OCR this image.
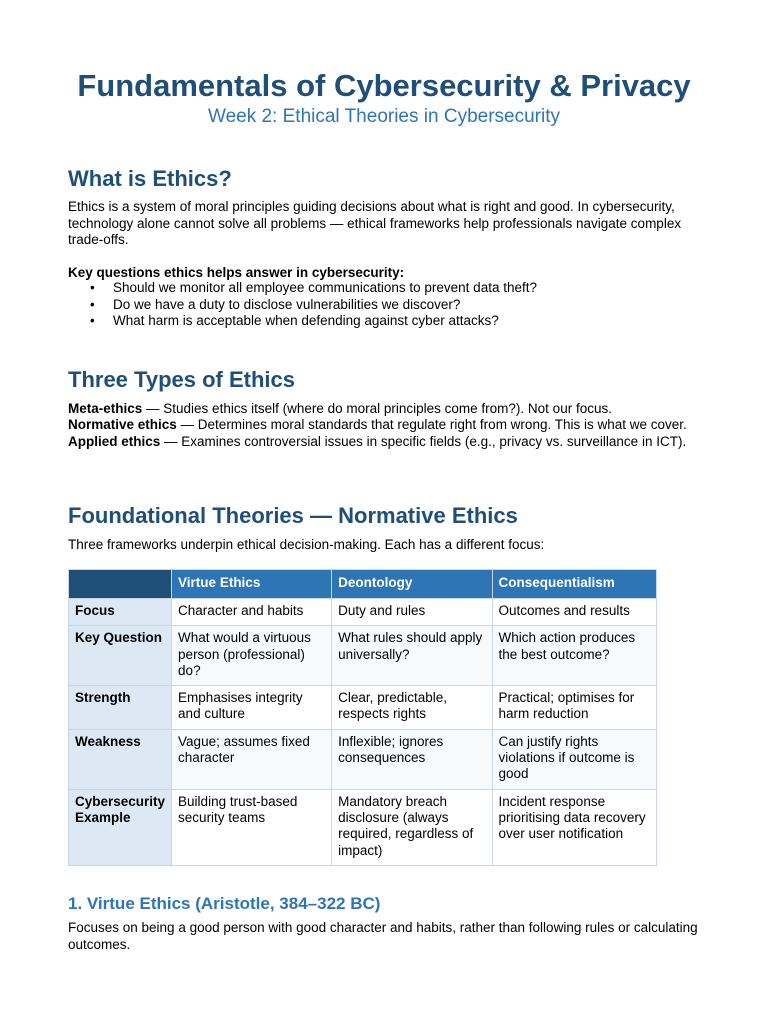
Fundamentals of Cybersecurity & Privacy
Week 2: Ethical Theories in Cybersecurity
What is Ethics?

Ethics is a system of moral principles guiding decisions about what is right and good. In cybersecurity, technology alone cannot solve all problems — ethical frameworks help professionals navigate complex trade-offs.

Key questions ethics helps answer in cybersecurity:

• Should we monitor all employee communications to prevent data theft?
• Do we have a duty to disclose vulnerabilities we discover?
• What harm is acceptable when defending against cyber attacks?
Three Types of Ethics
Meta-ethics — Studies ethics itself (where do moral principles come from?). Not our focus.
Normative ethics — Determines moral standards that regulate right from wrong. This is what we cover.
Applied ethics — Examines controversial issues in specific fields (e.g., privacy vs. surveillance in ICT).
Foundational Theories — Normative Ethics

Three frameworks underpin ethical decision-making. Each has a different focus:

	Virtue Ethics	Deontology	Consequentialism
Focus	Character and habits	Duty and rules	Outcomes and results
Key Question	What would a virtuous person (professional) do?	What rules should apply universally?	Which action produces the best outcome?
Strength	Emphasises integrity and culture	Clear, predictable, respects rights	Practical; optimises for harm reduction
Weakness	Vague; assumes fixed character	Inflexible; ignores consequences	Can justify rights violations if outcome is good
Cybersecurity Example	Building trust-based security teams	Mandatory breach disclosure (always required, regardless of impact)	Incident response prioritising data recovery over user notification
1. Virtue Ethics (Aristotle, 384–322 BC)

Focuses on being a good person with good character and habits, rather than following rules or calculating outcomes.
